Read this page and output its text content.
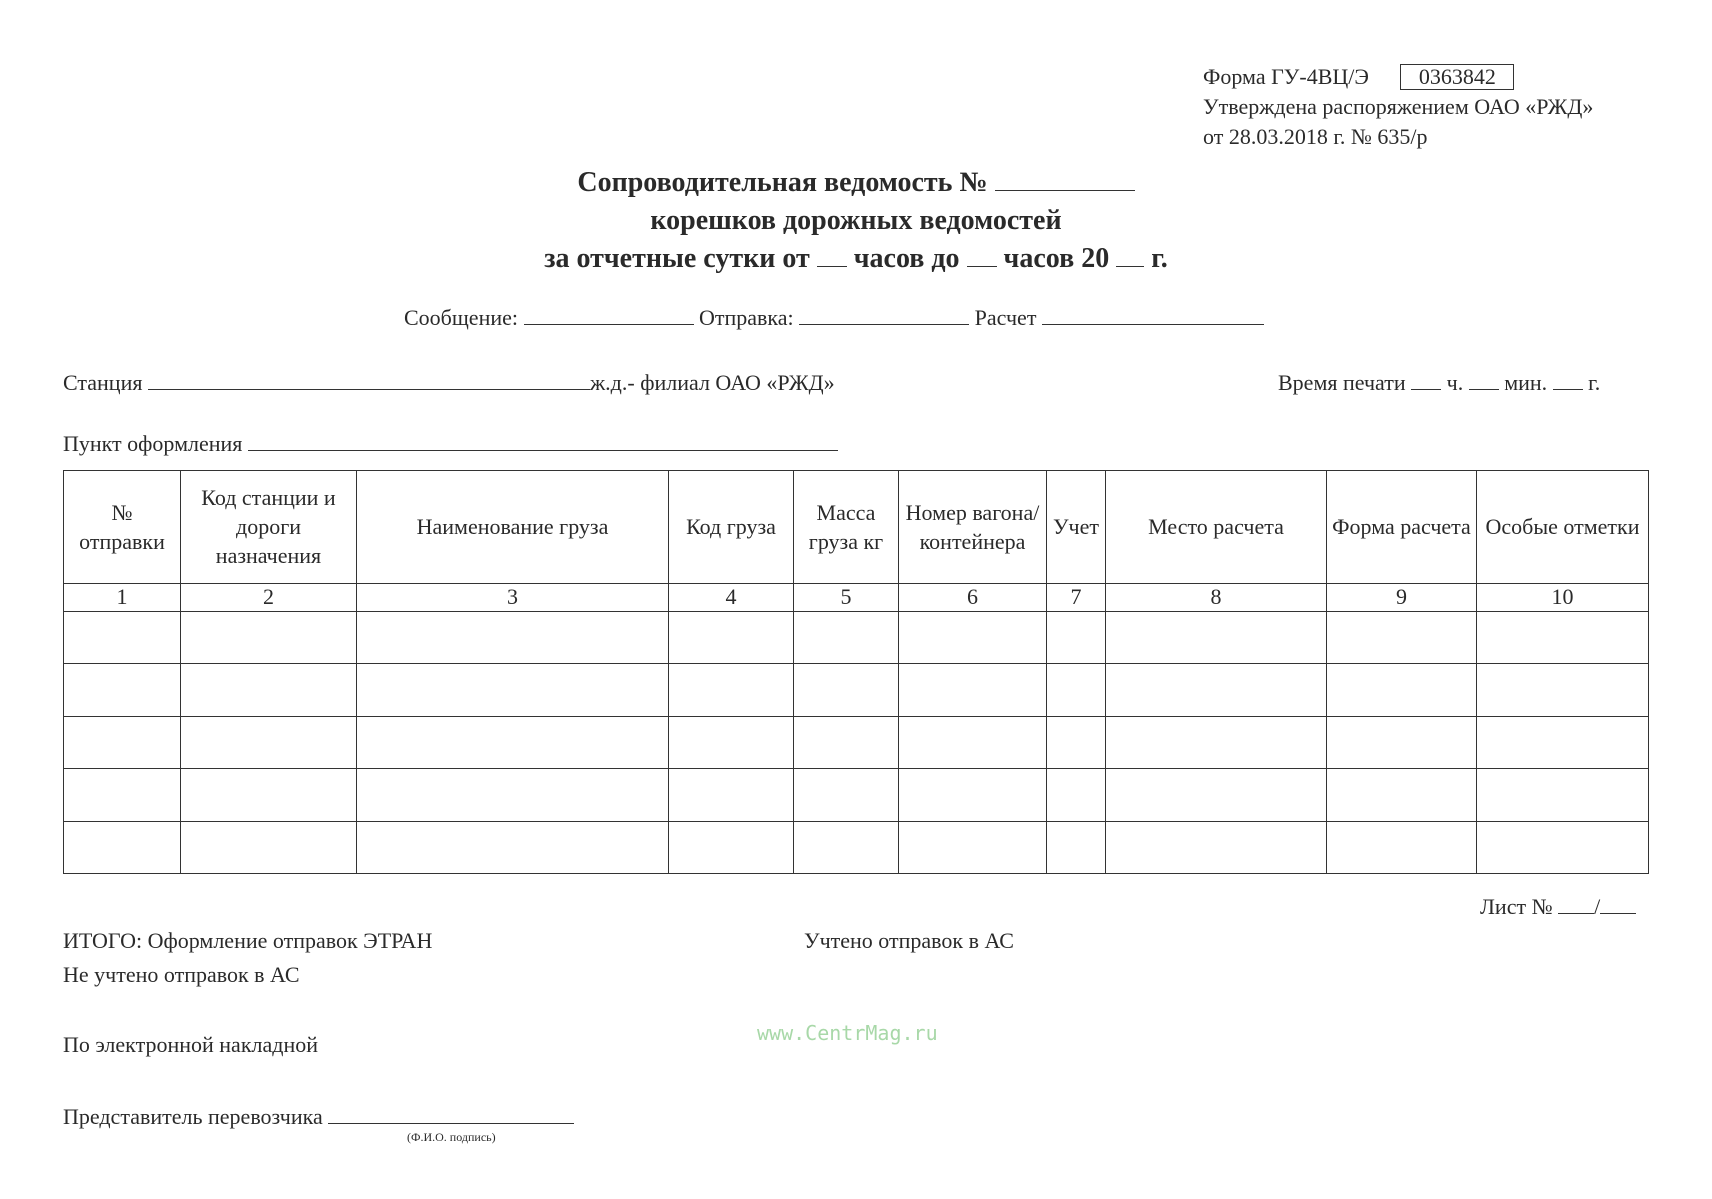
Форма ГУ-4ВЦ/Э 0363842
Утверждена распоряжением ОАО «РЖД»
от 28.03.2018 г. № 635/р
Сопроводительная ведомость №
корешков дорожных ведомостей
за отчетные сутки от часов до часов 20 г.
Сообщение:	Отправка:	Расчет
Станция	ж.д.- филиал ОАО «РЖД»	Время печати ч. мин. г.
Пункт оформления
№ отправки	Код станции и дороги назначения	Наименование груза	Код груза	Масса груза кг	Номер вагона/ контейнера	Учет	Место расчета	Форма расчета	Особые отметки
1	2	3	4	5	6	7	8	9	10

Лист № /
ИТОГО: Оформление отправок ЭТРАН	Учтено отправок в АС
Не учтено отправок в АС
По электронной накладной	www.CentrMag.ru
Представитель перевозчика
(Ф.И.О. подпись)
